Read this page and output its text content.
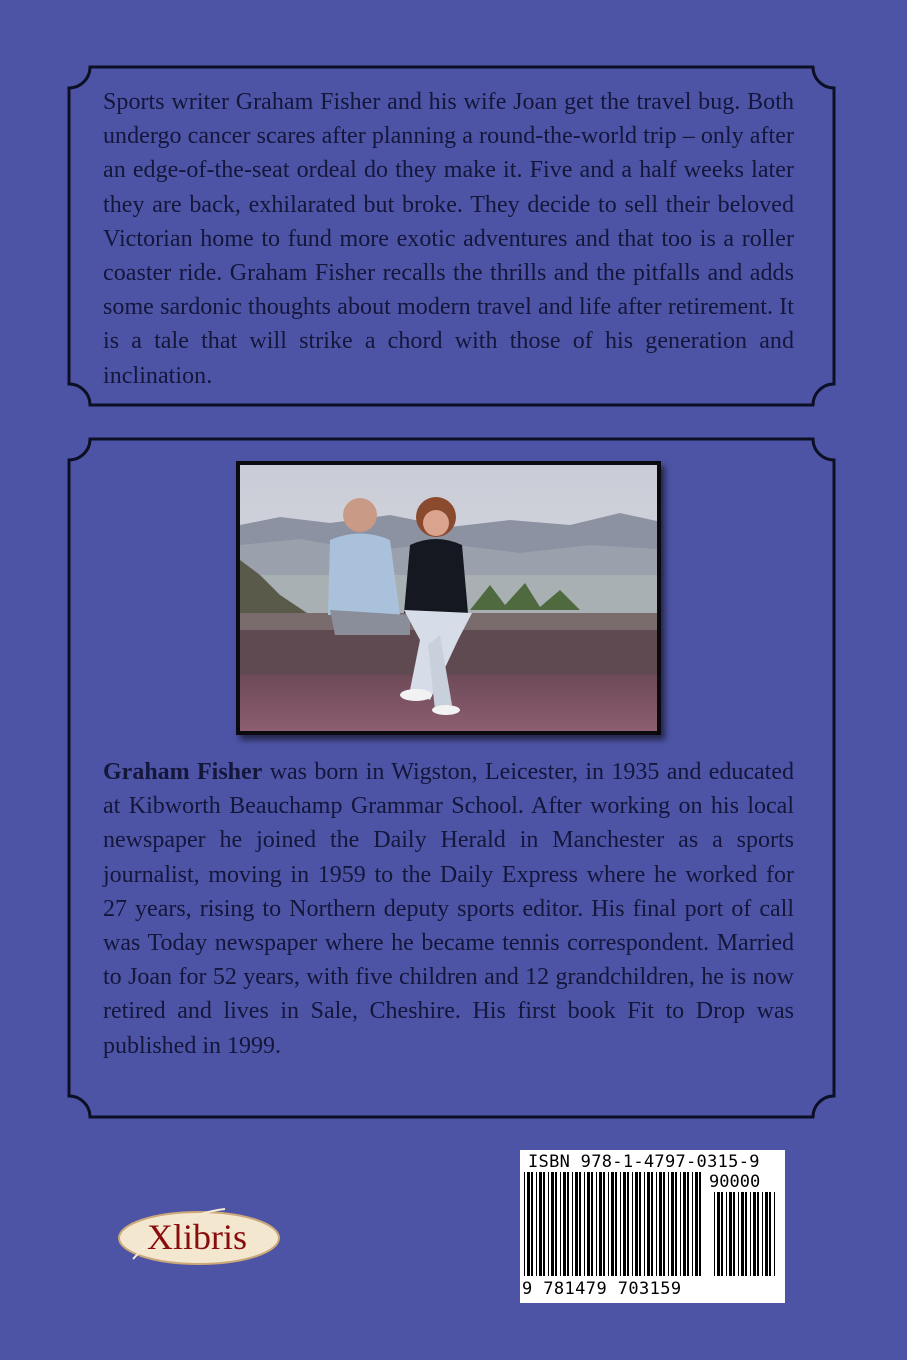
Sports writer Graham Fisher and his wife Joan get the travel bug. Both undergo cancer scares after planning a round-the-world trip – only after an edge-of-the-seat ordeal do they make it. Five and a half weeks later they are back, exhilarated but broke. They decide to sell their beloved Victorian home to fund more exotic adventures and that too is a roller coaster ride. Graham Fisher recalls the thrills and the pitfalls and adds some sardonic thoughts about modern travel and life after retirement. It is a tale that will strike a chord with those of his generation and inclination.
Graham Fisher was born in Wigston, Leicester, in 1935 and educated at Kibworth Beauchamp Grammar School. After working on his local newspaper he joined the Daily Herald in Manchester as a sports journalist, moving in 1959 to the Daily Express where he worked for 27 years, rising to Northern deputy sports editor. His final port of call was Today newspaper where he became tennis correspondent. Married to Joan for 52 years, with five children and 12 grandchildren, he is now retired and lives in Sale, Cheshire. His first book Fit to Drop was published in 1999.
ISBN 978-1-4797-0315-9
90000
9 781479 703159
Xlibris
